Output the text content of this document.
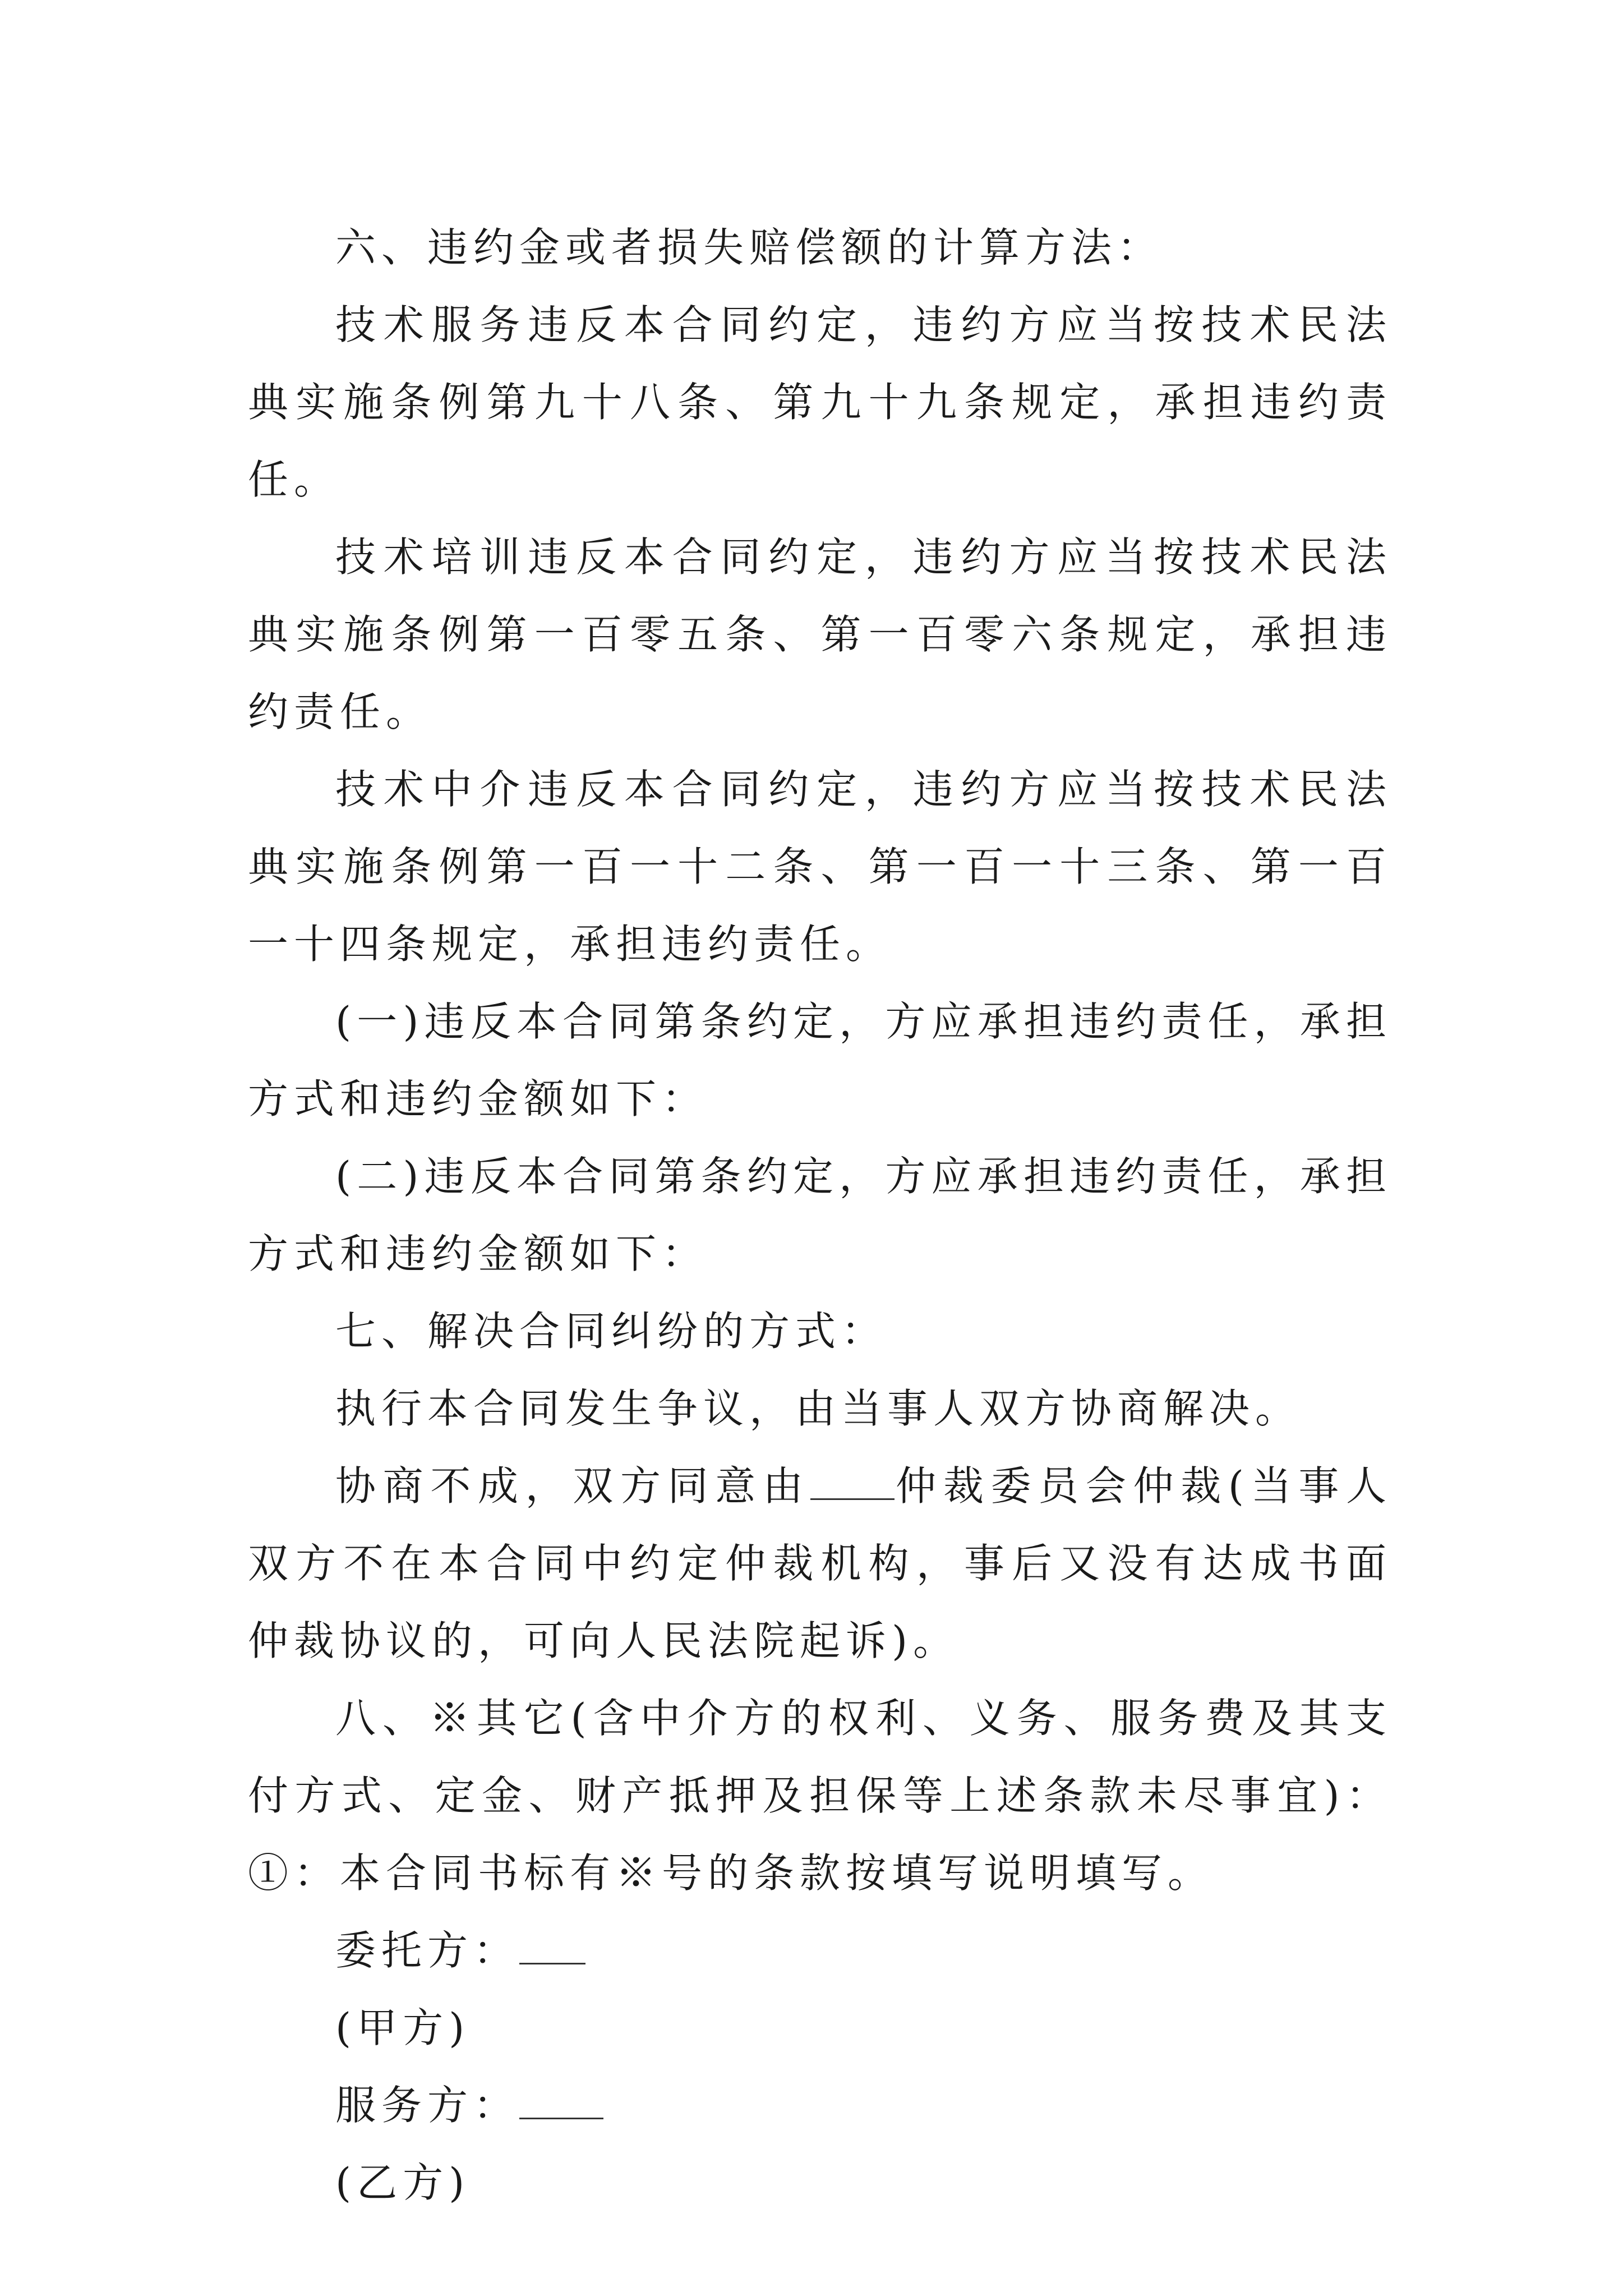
六、违约金或者损失赔偿额的计算方法：

技术服务违反本合同约定，违约方应当按技术民法典实施条例第九十八条、第九十九条规定，承担违约责任。

技术培训违反本合同约定，违约方应当按技术民法典实施条例第一百零五条、第一百零六条规定，承担违约责任。

技术中介违反本合同约定，违约方应当按技术民法典实施条例第一百一十二条、第一百一十三条、第一百一十四条规定，承担违约责任。

(一)违反本合同第条约定，方应承担违约责任，承担方式和违约金额如下：

(二)违反本合同第条约定，方应承担违约责任，承担方式和违约金额如下：

七、解决合同纠纷的方式：

执行本合同发生争议，由当事人双方协商解决。

协商不成，双方同意由 仲裁委员会仲裁(当事人双方不在本合同中约定仲裁机构，事后又没有达成书面仲裁协议的，可向人民法院起诉)。

八、※其它(含中介方的权利、义务、服务费及其支付方式、定金、财产抵押及担保等上述条款未尽事宜)：①：本合同书标有※号的条款按填写说明填写。

委托方：

(甲方)

服务方：

(乙方)
